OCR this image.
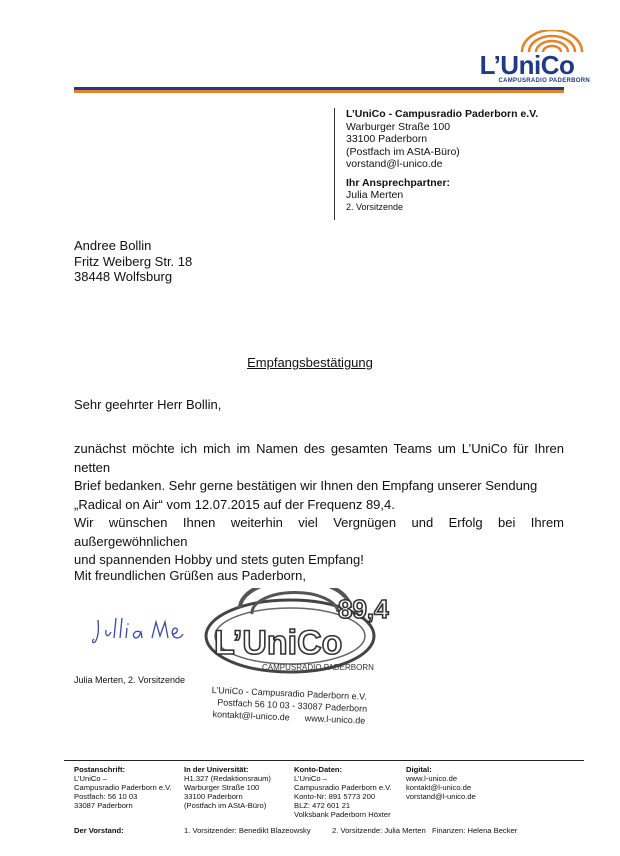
L’UniCo
CAMPUSRADIO PADERBORN
L’UniCo - Campusradio Paderborn e.V.
Warburger Straße 100
33100 Paderborn
(Postfach im AStA-Büro)
vorstand@l-unico.de
Ihr Ansprechpartner:
Julia Merten
2. Vorsitzende
Andree Bollin
Fritz Weiberg Str. 18
38448 Wolfsburg
Empfangsbestätigung
Sehr geehrter Herr Bollin,
zunächst möchte ich mich im Namen des gesamten Teams um L’UniCo für Ihren netten
Brief bedanken. Sehr gerne bestätigen wir Ihnen den Empfang unserer Sendung
„Radical on Air“ vom 12.07.2015 auf der Frequenz 89,4.
Wir wünschen Ihnen weiterhin viel Vergnügen und Erfolg bei Ihrem außergewöhnlichen
und spannenden Hobby und stets guten Empfang!
Mit freundlichen Grüßen aus Paderborn,
Julia Merten, 2. Vorsitzende
89,4
L’UniCo
CAMPUSRADIO PADERBORN
L’UniCo - Campusradio Paderborn e.V.
Postfach 56 10 03 - 33087 Paderborn
kontakt@l-unico.de      www.l-unico.de
Postanschrift:
L’UniCo –
Campusradio Paderborn e.V.
Postfach: 56 10 03
33087 Paderborn
In der Universität:
H1.327 (Redaktionsraum)
Warburger Straße 100
33100 Paderborn
(Postfach im AStA-Büro)
Konto-Daten:
L’UniCo –
Campusradio Paderborn e.V.
Konto-Nr: 891 5773 200
BLZ: 472 601 21
Volksbank Paderborn Höxter
Digital:
www.l-unico.de
kontakt@l-unico.de
vorstand@l-unico.de
Der Vorstand:	1. Vorsitzender: Benedikt Blazeowsky	2. Vorsitzende: Julia Merten Finanzen: Helena Becker
